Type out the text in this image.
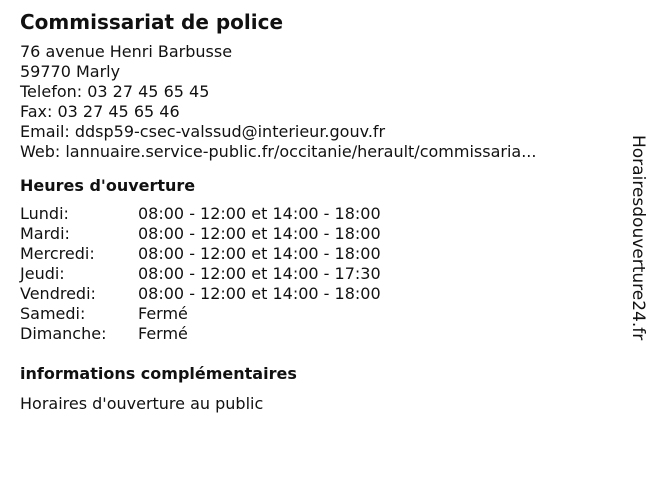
Commissariat de police
76 avenue Henri Barbusse
59770 Marly
Telefon: 03 27 45 65 45
Fax: 03 27 45 65 46
Email: ddsp59-csec-valssud@interieur.gouv.fr
Web: lannuaire.service-public.fr/occitanie/herault/commissaria...
Heures d'ouverture
Lundi:	08:00 - 12:00 et 14:00 - 18:00
Mardi:	08:00 - 12:00 et 14:00 - 18:00
Mercredi:	08:00 - 12:00 et 14:00 - 18:00
Jeudi:	08:00 - 12:00 et 14:00 - 17:30
Vendredi:	08:00 - 12:00 et 14:00 - 18:00
Samedi:	Fermé
Dimanche:	Fermé
informations complémentaires
Horaires d'ouverture au public
Horairesdouverture24.fr
